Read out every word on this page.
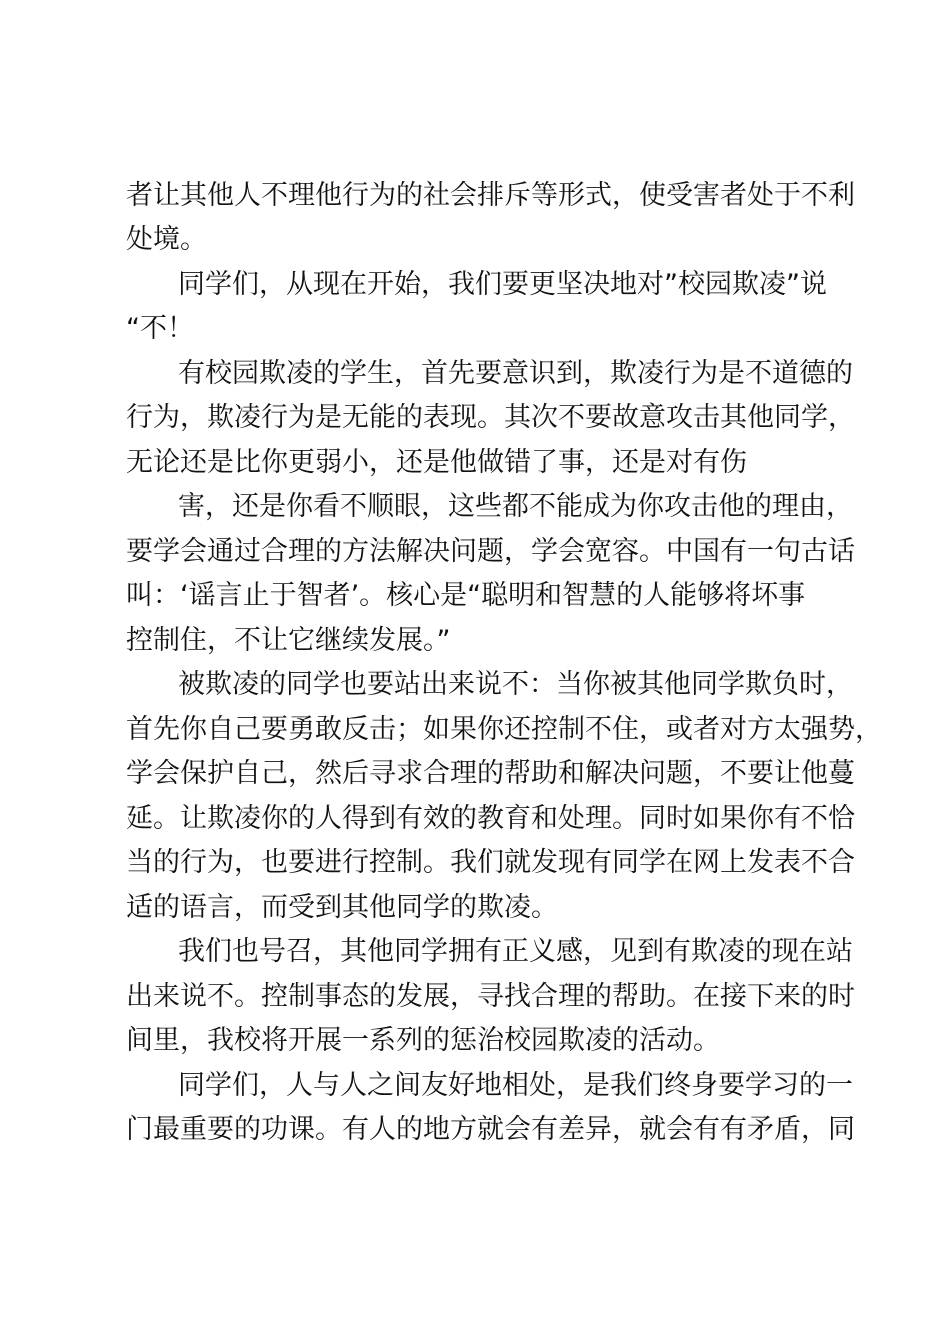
者让其他人不理他行为的社会排斥等形式，使受害者处于不利
处境。
同学们，从现在开始，我们要更坚决地对”校园欺凌”说
“不！
有校园欺凌的学生，首先要意识到，欺凌行为是不道德的
行为，欺凌行为是无能的表现。其次不要故意攻击其他同学，
无论还是比你更弱小，还是他做错了事，还是对有伤
害，还是你看不顺眼，这些都不能成为你攻击他的理由，
要学会通过合理的方法解决问题，学会宽容。中国有一句古话
叫：‘谣言止于智者’。核心是“聪明和智慧的人能够将坏事
控制住，不让它继续发展。”
被欺凌的同学也要站出来说不：当你被其他同学欺负时，
首先你自己要勇敢反击；如果你还控制不住，或者对方太强势，
学会保护自己，然后寻求合理的帮助和解决问题，不要让他蔓
延。让欺凌你的人得到有效的教育和处理。同时如果你有不恰
当的行为，也要进行控制。我们就发现有同学在网上发表不合
适的语言，而受到其他同学的欺凌。
我们也号召，其他同学拥有正义感，见到有欺凌的现在站
出来说不。控制事态的发展，寻找合理的帮助。在接下来的时
间里，我校将开展一系列的惩治校园欺凌的活动。
同学们，人与人之间友好地相处，是我们终身要学习的一
门最重要的功课。有人的地方就会有差异，就会有有矛盾，同
